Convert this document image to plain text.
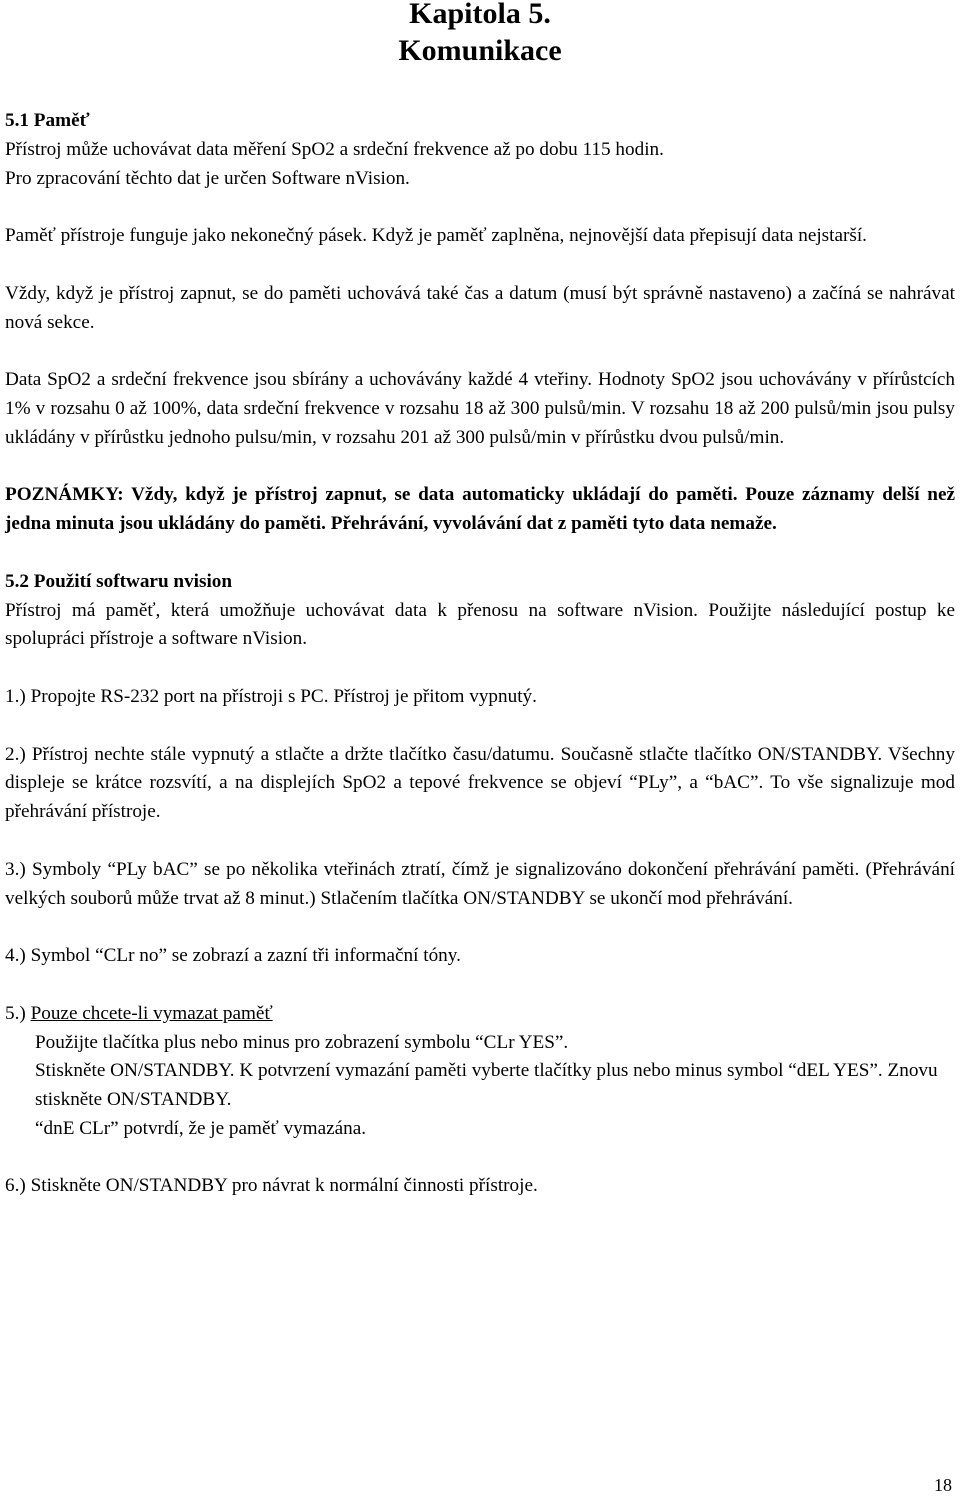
Kapitola 5.
Komunikace

5.1 Paměť

Přístroj může uchovávat data měření SpO2 a srdeční frekvence až po dobu 115 hodin.

Pro zpracování těchto dat je určen Software nVision.

Paměť přístroje funguje jako nekonečný pásek. Když je paměť zaplněna, nejnovější data přepisují data nejstarší.

Vždy, když je přístroj zapnut, se do paměti uchovává také čas a datum (musí být správně nastaveno) a začíná se nahrávat nová sekce.

Data SpO2 a srdeční frekvence jsou sbírány a uchovávány každé 4 vteřiny. Hodnoty SpO2 jsou uchovávány v přírůstcích 1% v rozsahu 0 až 100%, data srdeční frekvence v rozsahu 18 až 300 pulsů/min. V rozsahu 18 až 200 pulsů/min jsou pulsy ukládány v přírůstku jednoho pulsu/min, v rozsahu 201 až 300 pulsů/min v přírůstku dvou pulsů/min.

POZNÁMKY: Vždy, když je přístroj zapnut, se data automaticky ukládají do paměti. Pouze záznamy delší než jedna minuta jsou ukládány do paměti. Přehrávání, vyvolávání dat z paměti tyto data nemaže.

5.2 Použití softwaru nvision

Přístroj má paměť, která umožňuje uchovávat data k přenosu na software nVision. Použijte následující postup ke spolupráci přístroje a software nVision.

1.) Propojte RS-232 port na přístroji s PC. Přístroj je přitom vypnutý.

2.) Přístroj nechte stále vypnutý a stlačte a držte tlačítko času/datumu. Současně stlačte tlačítko ON/STANDBY. Všechny displeje se krátce rozsvítí, a na displejích SpO2 a tepové frekvence se objeví “PLy”, a “bAC”. To vše signalizuje mod přehrávání přístroje.

3.) Symboly “PLy bAC” se po několika vteřinách ztratí, čímž je signalizováno dokončení přehrávání paměti. (Přehrávání velkých souborů může trvat až 8 minut.) Stlačením tlačítka ON/STANDBY se ukončí mod přehrávání.

4.) Symbol “CLr no” se zobrazí a zazní tři informační tóny.

5.) Pouze chcete-li vymazat paměť

Použijte tlačítka plus nebo minus pro zobrazení symbolu “CLr YES”.

Stiskněte ON/STANDBY. K potvrzení vymazání paměti vyberte tlačítky plus nebo minus symbol “dEL YES”. Znovu stiskněte ON/STANDBY.

“dnE CLr” potvrdí, že je paměť vymazána.

6.) Stiskněte ON/STANDBY pro návrat k normální činnosti přístroje.

18
